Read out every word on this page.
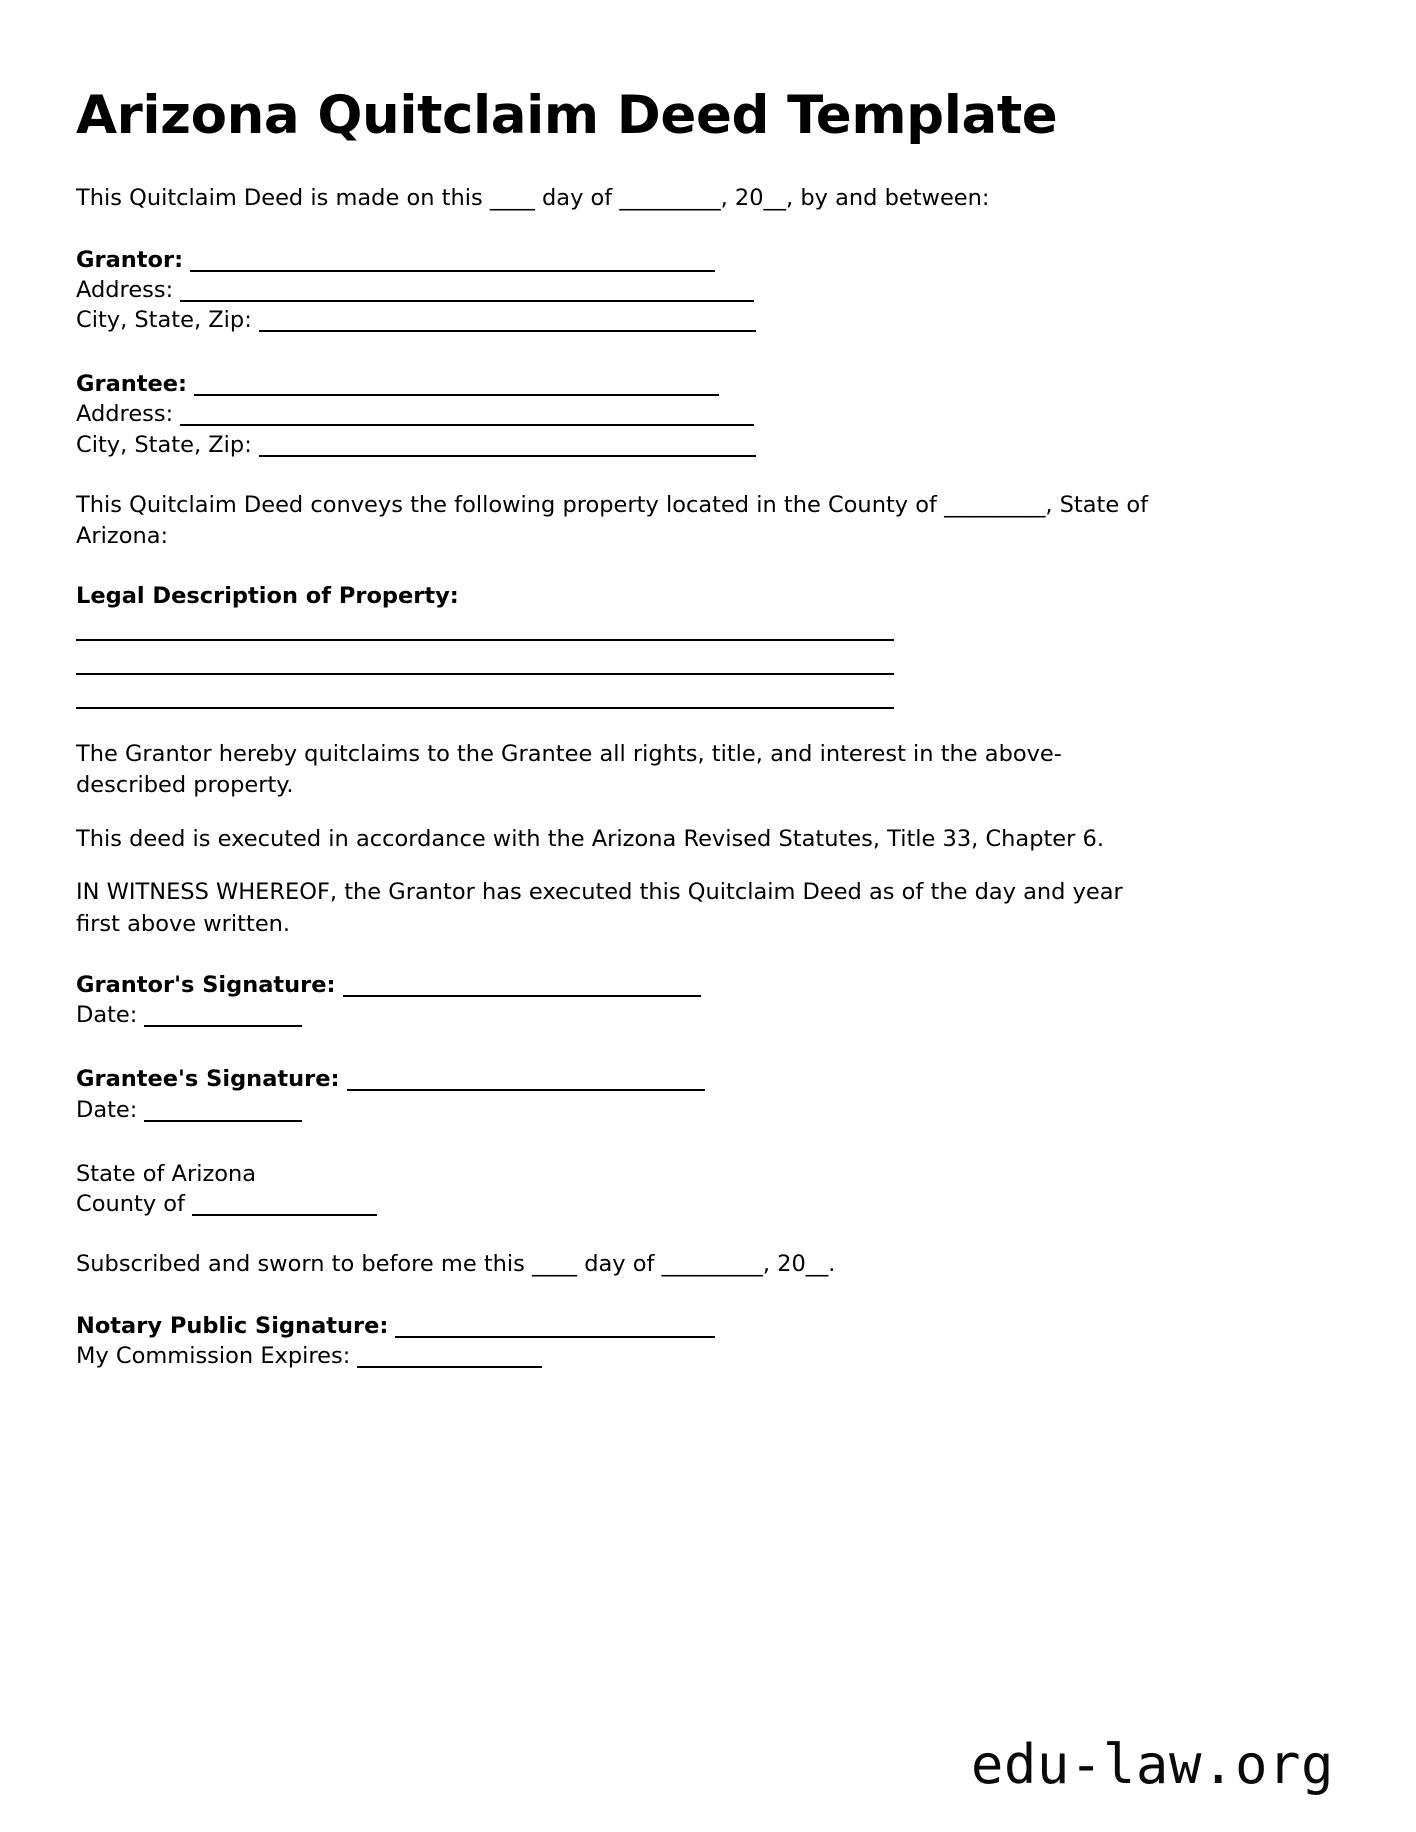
Arizona Quitclaim Deed Template

This Quitclaim Deed is made on this ____ day of _________, 20__, by and between:

Grantor:
Address:
City, State, Zip:
Grantee:
Address:
City, State, Zip:

This Quitclaim Deed conveys the following property located in the County of _________, State of Arizona:

Legal Description of Property:

The Grantor hereby quitclaims to the Grantee all rights, title, and interest in the above-described property.

This deed is executed in accordance with the Arizona Revised Statutes, Title 33, Chapter 6.

IN WITNESS WHEREOF, the Grantor has executed this Quitclaim Deed as of the day and year first above written.

Grantor's Signature:
Date:
Grantee's Signature:
Date:
State of Arizona
County of

Subscribed and sworn to before me this ____ day of _________, 20__.

Notary Public Signature:
My Commission Expires:
edu-law.org
